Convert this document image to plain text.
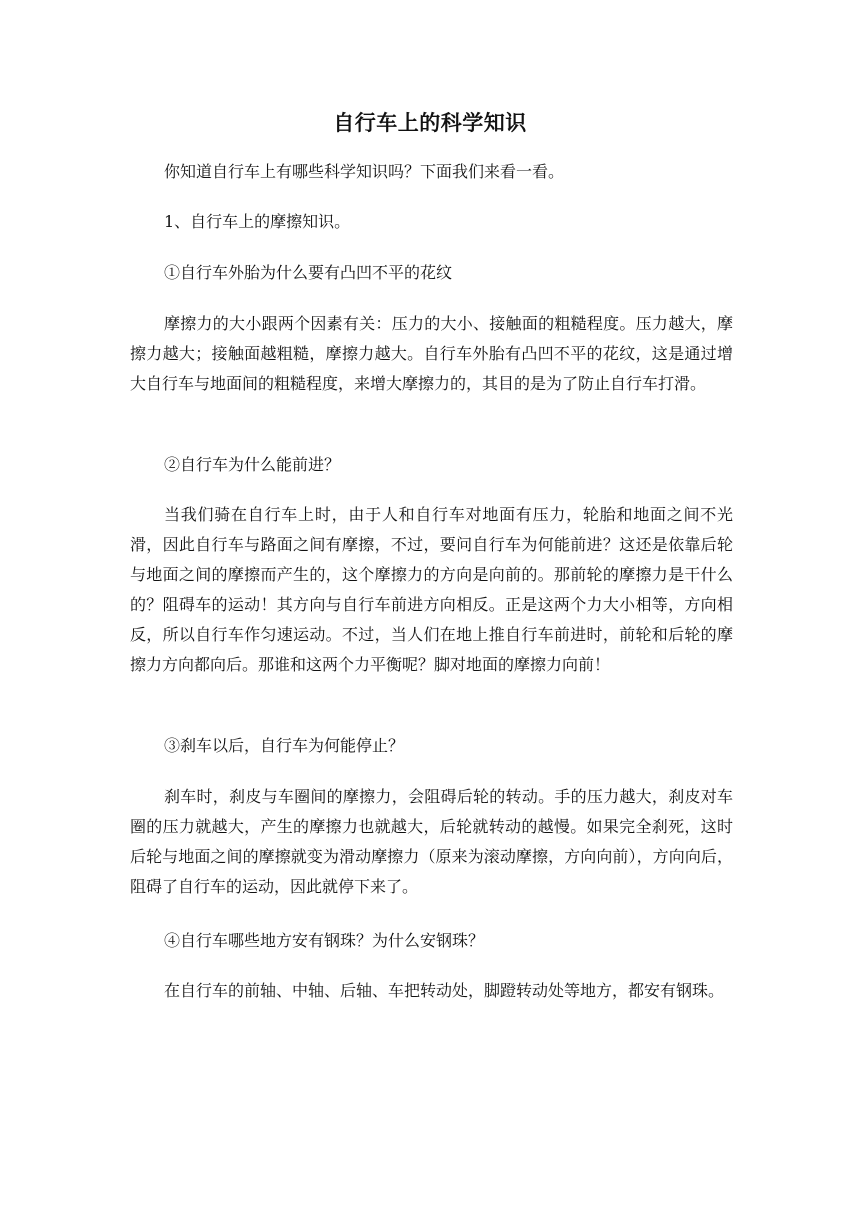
自行车上的科学知识

你知道自行车上有哪些科学知识吗？下面我们来看一看。

1、自行车上的摩擦知识。

①自行车外胎为什么要有凸凹不平的花纹

摩擦力的大小跟两个因素有关：压力的大小、接触面的粗糙程度。压力越大，摩擦力越大；接触面越粗糙，摩擦力越大。自行车外胎有凸凹不平的花纹，这是通过增大自行车与地面间的粗糙程度，来增大摩擦力的，其目的是为了防止自行车打滑。

②自行车为什么能前进？

当我们骑在自行车上时，由于人和自行车对地面有压力，轮胎和地面之间不光滑，因此自行车与路面之间有摩擦，不过，要问自行车为何能前进？这还是依靠后轮与地面之间的摩擦而产生的，这个摩擦力的方向是向前的。那前轮的摩擦力是干什么的？阻碍车的运动！其方向与自行车前进方向相反。正是这两个力大小相等，方向相反，所以自行车作匀速运动。不过，当人们在地上推自行车前进时，前轮和后轮的摩擦力方向都向后。那谁和这两个力平衡呢？脚对地面的摩擦力向前！

③刹车以后，自行车为何能停止？

刹车时，刹皮与车圈间的摩擦力，会阻碍后轮的转动。手的压力越大，刹皮对车圈的压力就越大，产生的摩擦力也就越大，后轮就转动的越慢。如果完全刹死，这时后轮与地面之间的摩擦就变为滑动摩擦力（原来为滚动摩擦，方向向前），方向向后，阻碍了自行车的运动，因此就停下来了。

④自行车哪些地方安有钢珠？为什么安钢珠？

在自行车的前轴、中轴、后轴、车把转动处，脚蹬转动处等地方，都安有钢珠。
